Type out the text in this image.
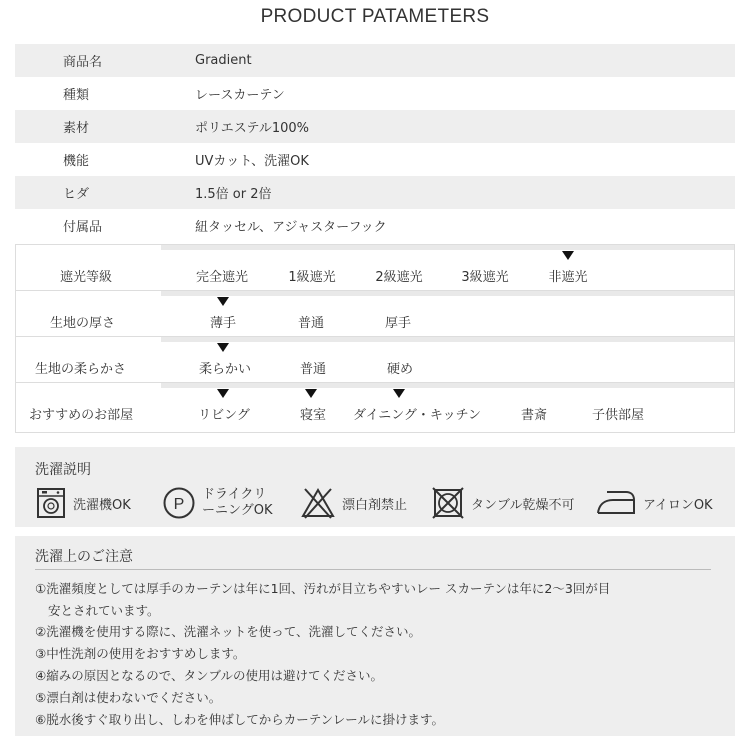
PRODUCT PATAMETERS
商品名	Gradient
種類	レースカーテン
素材	ポリエステル100%
機能	UVカット、洗濯OK
ヒダ	1.5倍 or 2倍
付属品	紐タッセル、アジャスターフック
遮光等級	完全遮光	1級遮光	2級遮光	3級遮光	非遮光
生地の厚さ	薄手	普通	厚手
生地の柔らかさ	柔らかい	普通	硬め
おすすめのお部屋	リビング	寝室 ダイニング・キッチン	書斎	子供部屋
洗濯説明
洗濯機OK	P
ドライクリ
ーニングOK	漂白剤禁止	タンブル乾燥不可	アイロンOK
洗濯上のご注意
①洗濯頻度としては厚手のカーテンは年に1回、汚れが目立ちやすいレー スカーテンは年に2〜3回が目
安とされています。
②洗濯機を使用する際に、洗濯ネットを使って、洗濯してください。
③中性洗剤の使用をおすすめします。
④縮みの原因となるので、タンブルの使用は避けてください。
⑤漂白剤は使わないでください。
⑥脱水後すぐ取り出し、しわを伸ばしてからカーテンレールに掛けます。
